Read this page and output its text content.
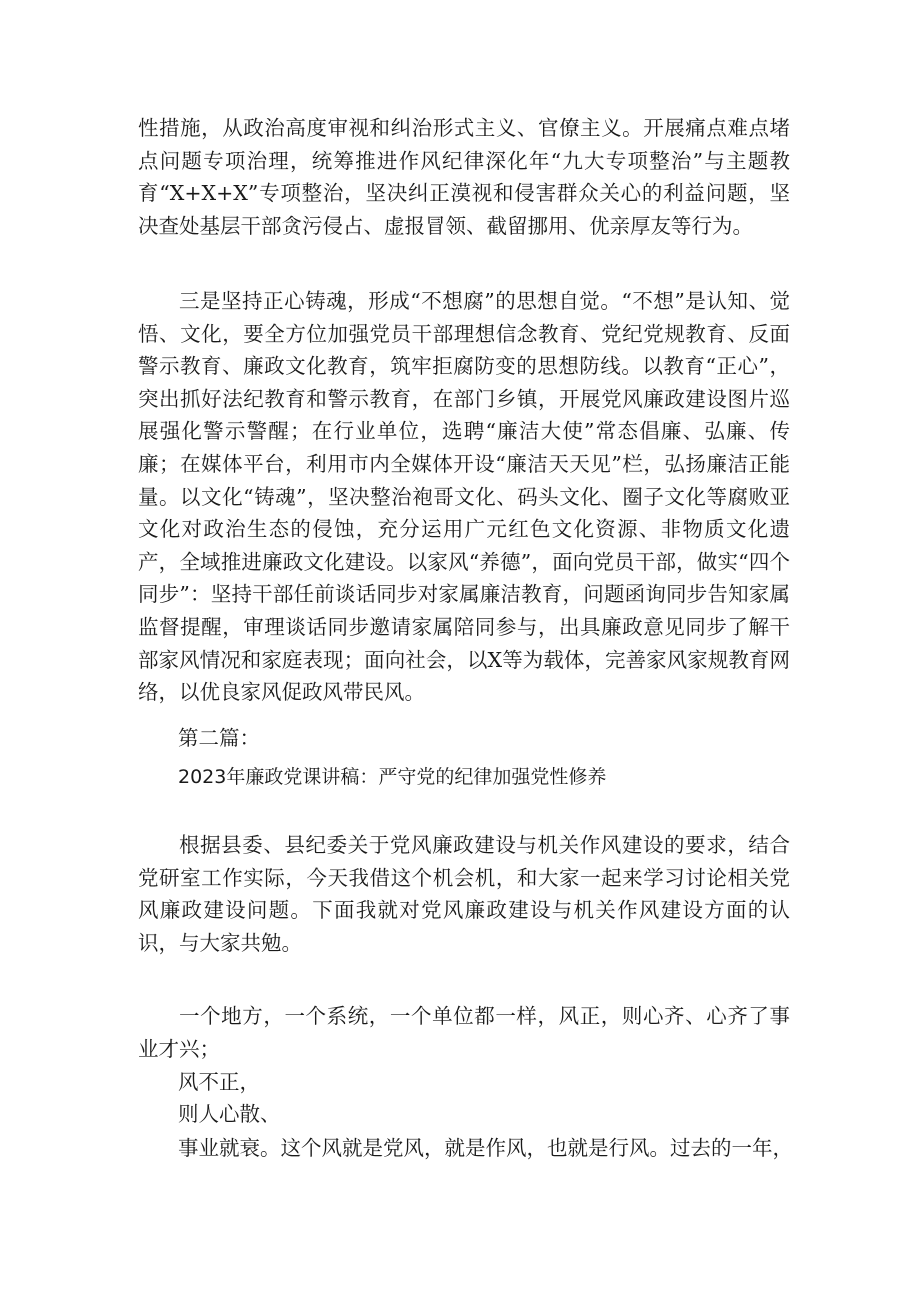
性措施，从政治高度审视和纠治形式主义、官僚主义。开展痛点难点堵点问题专项治理，统筹推进作风纪律深化年“九大专项整治”与主题教育“X+X+X”专项整治，坚决纠正漠视和侵害群众关心的利益问题，坚决查处基层干部贪污侵占、虚报冒领、截留挪用、优亲厚友等行为。

三是坚持正心铸魂，形成“不想腐”的思想自觉。“不想”是认知、觉悟、文化，要全方位加强党员干部理想信念教育、党纪党规教育、反面警示教育、廉政文化教育，筑牢拒腐防变的思想防线。以教育“正心”，突出抓好法纪教育和警示教育，在部门乡镇，开展党风廉政建设图片巡展强化警示警醒；在行业单位，选聘“廉洁大使”常态倡廉、弘廉、传廉；在媒体平台，利用市内全媒体开设“廉洁天天见”栏，弘扬廉洁正能量。以文化“铸魂”，坚决整治袍哥文化、码头文化、圈子文化等腐败亚文化对政治生态的侵蚀，充分运用广元红色文化资源、非物质文化遗产，全域推进廉政文化建设。以家风“养德”，面向党员干部，做实“四个同步”：坚持干部任前谈话同步对家属廉洁教育，问题函询同步告知家属监督提醒，审理谈话同步邀请家属陪同参与，出具廉政意见同步了解干部家风情况和家庭表现；面向社会，以X等为载体，完善家风家规教育网络，以优良家风促政风带民风。

第二篇：

2023年廉政党课讲稿：严守党的纪律加强党性修养

根据县委、县纪委关于党风廉政建设与机关作风建设的要求，结合党研室工作实际，今天我借这个机会机，和大家一起来学习讨论相关党风廉政建设问题。下面我就对党风廉政建设与机关作风建设方面的认识，与大家共勉。

一个地方，一个系统，一个单位都一样，风正，则心齐、心齐了事业才兴；

风不正，

则人心散、

事业就衰。这个风就是党风，就是作风，也就是行风。过去的一年，
